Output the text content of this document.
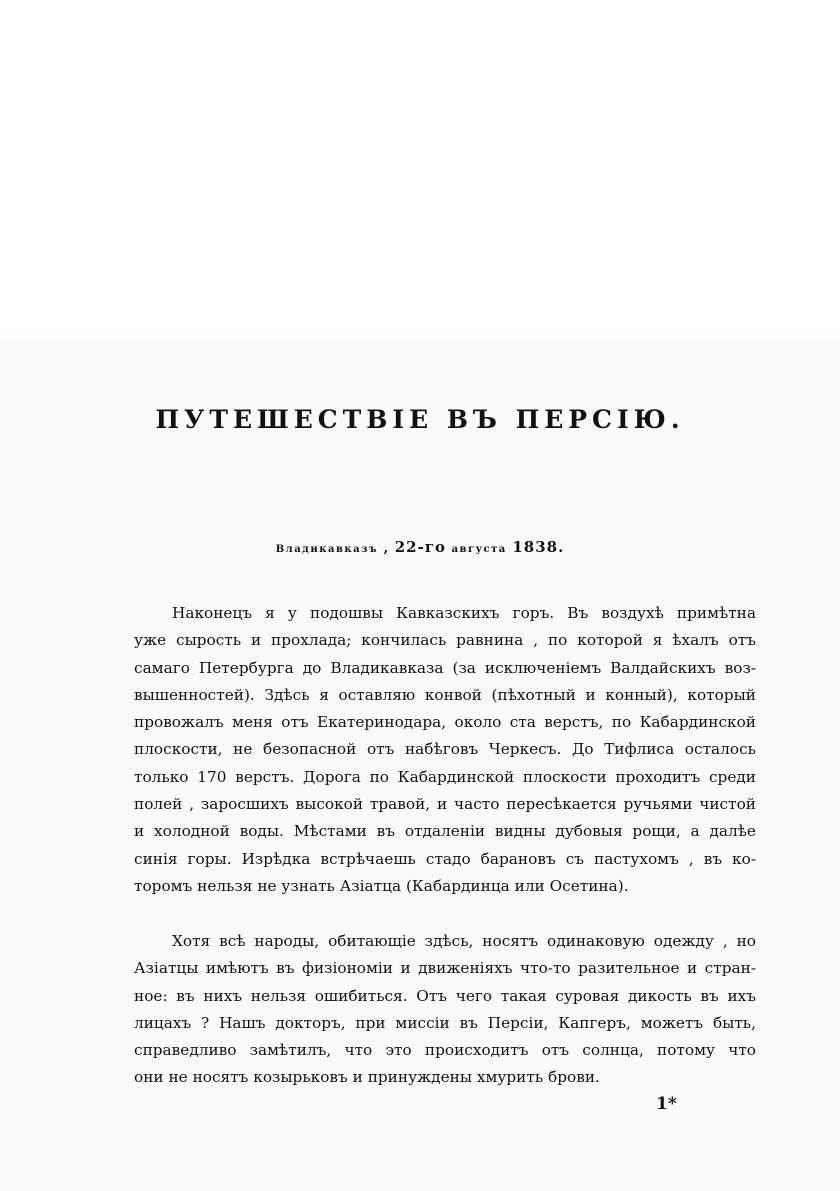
ПУТЕШЕСТВІЕ ВЪ ПЕРСІЮ.
Владикавказъ , 22-го августа 1838.
Наконецъ я у подошвы Кавказскихъ горъ. Въ воздухѣ примѣтна
уже сырость и прохлада; кончилась равнина , по которой я ѣхалъ отъ
самаго Петербурга до Владикавказа (за исключеніемъ Валдайскихъ воз-
вышенностей). Здѣсь я оставляю конвой (пѣхотный и конный), который
провожалъ меня отъ Екатеринодара, около ста верстъ, по Кабардинской
плоскости, не безопасной отъ набѣговъ Черкесъ. До Тифлиса осталось
только 170 верстъ. Дорога по Кабардинской плоскости проходитъ среди
полей , заросшихъ высокой травой, и часто пересѣкается ручьями чистой
и холодной воды. Мѣстами въ отдаленіи видны дубовыя рощи, а далѣе
синія горы. Изрѣдка встрѣчаешь стадо барановъ съ пастухомъ , въ ко-
торомъ нельзя не узнать Азіатца (Кабардинца или Осетина).
Хотя всѣ народы, обитающіе здѣсь, носятъ одинаковую одежду , но
Азіатцы имѣютъ въ физіономіи и движеніяхъ что-то разительное и стран-
ное: въ нихъ нельзя ошибиться. Отъ чего такая суровая дикость въ ихъ
лицахъ ? Нашъ докторъ, при миссіи въ Персіи, Капгеръ, можетъ быть,
справедливо замѣтилъ, что это происходитъ отъ солнца, потому что
они не носятъ козырьковъ и принуждены хмурить брови.
1*
